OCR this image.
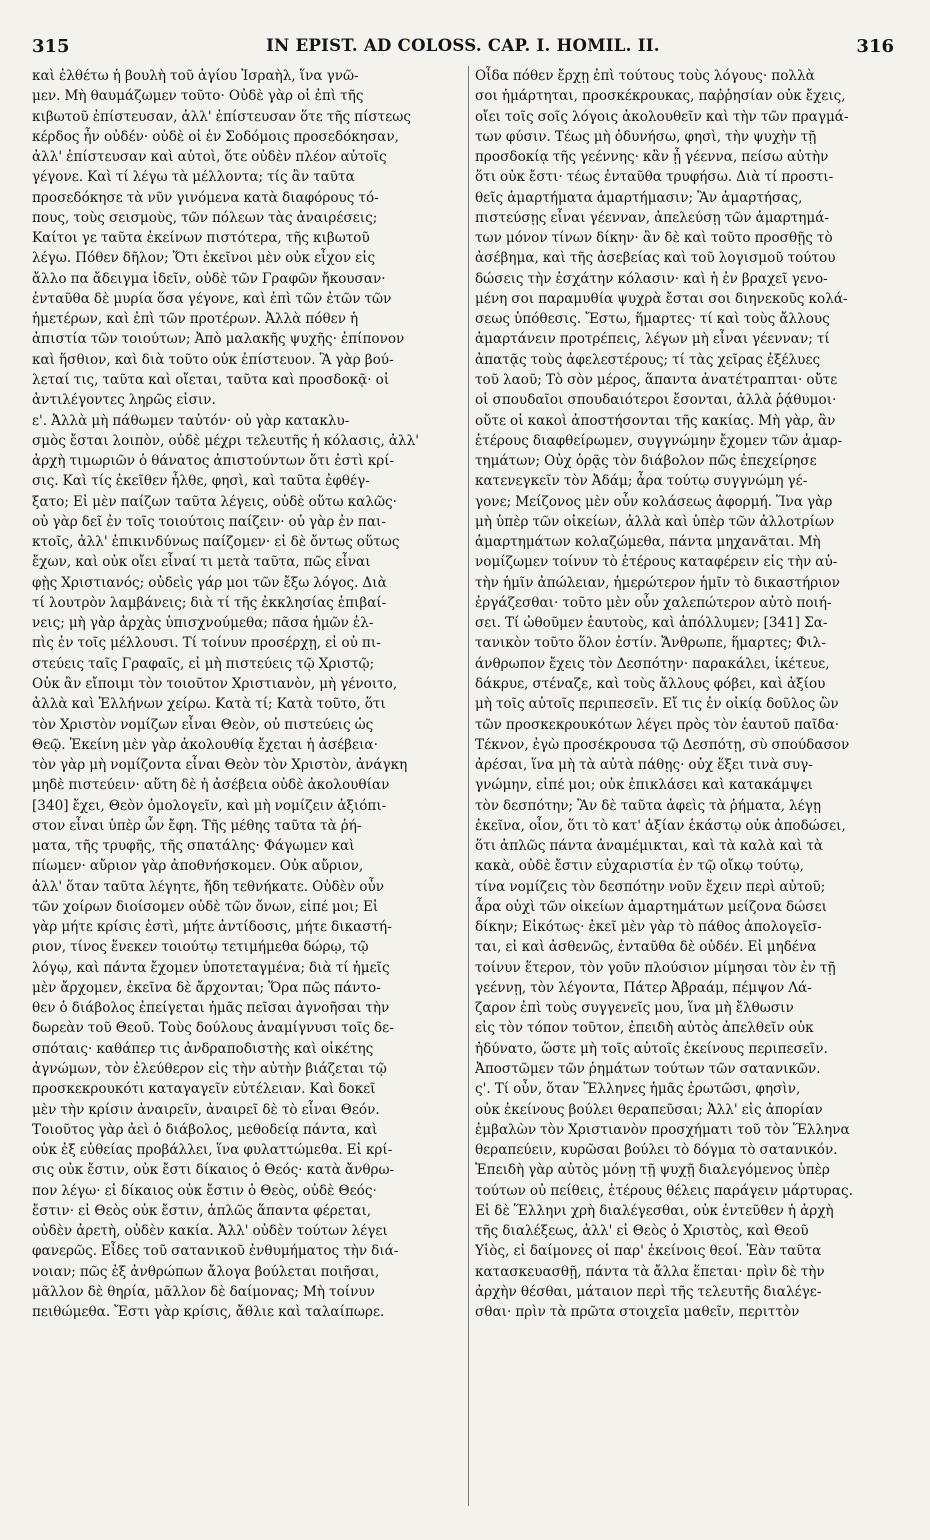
315	IN EPIST. AD COLOSS. CAP. I. HOMIL. II.	316
καὶ ἐλθέτω ἡ βουλὴ τοῦ ἁγίου Ἰσραὴλ, ἵνα γνῶ-
μεν. Μὴ θαυμάζωμεν τοῦτο· Οὐδὲ γὰρ οἱ ἐπὶ τῆς
κιβωτοῦ ἐπίστευσαν, ἀλλ' ἐπίστευσαν ὅτε τῆς πίστεως
κέρδος ἦν οὐδέν· οὐδὲ οἱ ἐν Σοδόμοις προσεδόκησαν,
ἀλλ' ἐπίστευσαν καὶ αὐτοὶ, ὅτε οὐδὲν πλέον αὐτοῖς
γέγονε. Καὶ τί λέγω τὰ μέλλοντα; τίς ἂν ταῦτα
προσεδόκησε τὰ νῦν γινόμενα κατὰ διαφόρους τό-
πους, τοὺς σεισμοὺς, τῶν πόλεων τὰς ἀναιρέσεις;
Καίτοι γε ταῦτα ἐκείνων πιστότερα, τῆς κιβωτοῦ
λέγω. Πόθεν δῆλον; Ὅτι ἐκεῖνοι μὲν οὐκ εἶχον εἰς
ἄλλο πα ἄδειγμα ἰδεῖν, οὐδὲ τῶν Γραφῶν ἤκουσαν·
ἐνταῦθα δὲ μυρία ὅσα γέγονε, καὶ ἐπὶ τῶν ἐτῶν τῶν
ἡμετέρων, καὶ ἐπὶ τῶν προτέρων. Ἀλλὰ πόθεν ἡ
ἀπιστία τῶν τοιούτων; Ἀπὸ μαλακῆς ψυχῆς· ἐπίπονον
καὶ ἥσθιον, καὶ διὰ τοῦτο οὐκ ἐπίστευον. Ἃ γὰρ βού-
λεταί τις, ταῦτα καὶ οἴεται, ταῦτα καὶ προσδοκᾷ· οἱ
ἀντιλέγοντες ληρῶς εἰσιν.
ε'. Ἀλλὰ μὴ πάθωμεν ταὐτόν· οὐ γὰρ κατακλυ-
σμὸς ἔσται λοιπὸν, οὐδὲ μέχρι τελευτῆς ἡ κόλασις, ἀλλ'
ἀρχὴ τιμωριῶν ὁ θάνατος ἀπιστούντων ὅτι ἐστὶ κρί-
σις. Καὶ τίς ἐκεῖθεν ἦλθε, φησὶ, καὶ ταῦτα ἐφθέγ-
ξατο; Εἰ μὲν παίζων ταῦτα λέγεις, οὐδὲ οὕτω καλῶς·
οὐ γὰρ δεῖ ἐν τοῖς τοιούτοις παίζειν· οὐ γὰρ ἐν παι-
κτοῖς, ἀλλ' ἐπικινδύνως παίζομεν· εἰ δὲ ὄντως οὕτως
ἔχων, καὶ οὐκ οἴει εἶναί τι μετὰ ταῦτα, πῶς εἶναι
φῂς Χριστιανός; οὐδεὶς γάρ μοι τῶν ἔξω λόγος. Διὰ
τί λουτρὸν λαμβάνεις; διὰ τί τῆς ἐκκλησίας ἐπιβαί-
νεις; μὴ γὰρ ἀρχὰς ὑπισχνούμεθα; πᾶσα ἡμῶν ἐλ-
πὶς ἐν τοῖς μέλλουσι. Τί τοίνυν προσέρχῃ, εἰ οὐ πι-
στεύεις ταῖς Γραφαῖς, εἰ μὴ πιστεύεις τῷ Χριστῷ;
Οὐκ ἂν εἴποιμι τὸν τοιοῦτον Χριστιανὸν, μὴ γένοιτο,
ἀλλὰ καὶ Ἑλλήνων χείρω. Κατὰ τί; Κατὰ τοῦτο, ὅτι
τὸν Χριστὸν νομίζων εἶναι Θεὸν, οὐ πιστεύεις ὡς
Θεῷ. Ἐκείνη μὲν γὰρ ἀκολουθίᾳ ἔχεται ἡ ἀσέβεια·
τὸν γὰρ μὴ νομίζοντα εἶναι Θεὸν τὸν Χριστὸν, ἀνάγκη
μηδὲ πιστεύειν· αὕτη δὲ ἡ ἀσέβεια οὐδὲ ἀκολουθίαν
[340] ἔχει, Θεὸν ὁμολογεῖν, καὶ μὴ νομίζειν ἀξιόπι-
στον εἶναι ὑπὲρ ὧν ἔφη. Τῆς μέθης ταῦτα τὰ ῥή-
ματα, τῆς τρυφῆς, τῆς σπατάλης· Φάγωμεν καὶ
πίωμεν· αὔριον γὰρ ἀποθνήσκομεν. Οὐκ αὔριον,
ἀλλ' ὅταν ταῦτα λέγητε, ἤδη τεθνήκατε. Οὐδὲν οὖν
τῶν χοίρων διοίσομεν οὐδὲ τῶν ὄνων, εἰπέ μοι; Εἰ
γὰρ μήτε κρίσις ἐστὶ, μήτε ἀντίδοσις, μήτε δικαστή-
ριον, τίνος ἕνεκεν τοιούτῳ τετιμήμεθα δώρῳ, τῷ
λόγῳ, καὶ πάντα ἔχομεν ὑποτεταγμένα; διὰ τί ἡμεῖς
μὲν ἄρχομεν, ἐκεῖνα δὲ ἄρχονται; Ὅρα πῶς πάντο-
θεν ὁ διάβολος ἐπείγεται ἡμᾶς πεῖσαι ἀγνοῆσαι τὴν
δωρεὰν τοῦ Θεοῦ. Τοὺς δούλους ἀναμίγνυσι τοῖς δε-
σπόταις· καθάπερ τις ἀνδραποδιστὴς καὶ οἰκέτης
ἀγνώμων, τὸν ἐλεύθερον εἰς τὴν αὐτὴν βιάζεται τῷ
προσκεκρουκότι καταγαγεῖν εὐτέλειαν. Καὶ δοκεῖ
μὲν τὴν κρίσιν ἀναιρεῖν, ἀναιρεῖ δὲ τὸ εἶναι Θεόν.
Τοιοῦτος γὰρ ἀεὶ ὁ διάβολος, μεθοδείᾳ πάντα, καὶ
οὐκ ἐξ εὐθείας προβάλλει, ἵνα φυλαττώμεθα. Εἰ κρί-
σις οὐκ ἔστιν, οὐκ ἔστι δίκαιος ὁ Θεός· κατὰ ἄνθρω-
πον λέγω· εἰ δίκαιος οὐκ ἔστιν ὁ Θεὸς, οὐδὲ Θεός·
ἔστιν· εἰ Θεὸς οὐκ ἔστιν, ἁπλῶς ἅπαντα φέρεται,
οὐδὲν ἀρετὴ, οὐδὲν κακία. Ἀλλ' οὐδὲν τούτων λέγει
φανερῶς. Εἶδες τοῦ σατανικοῦ ἐνθυμήματος τὴν διά-
νοιαν; πῶς ἐξ ἀνθρώπων ἄλογα βούλεται ποιῆσαι,
μᾶλλον δὲ θηρία, μᾶλλον δὲ δαίμονας; Μὴ τοίνυν
πειθώμεθα. Ἔστι γὰρ κρίσις, ἄθλιε καὶ ταλαίπωρε.
Οἶδα πόθεν ἔρχῃ ἐπὶ τούτους τοὺς λόγους· πολλὰ
σοι ἡμάρτηται, προσκέκρουκας, παῤῥησίαν οὐκ ἔχεις,
οἴει τοῖς σοῖς λόγοις ἀκολουθεῖν καὶ τὴν τῶν πραγμά-
των φύσιν. Τέως μὴ ὀδυνήσω, φησὶ, τὴν ψυχὴν τῇ
προσδοκίᾳ τῆς γεέννης· κἂν ᾖ γέεννα, πείσω αὐτὴν
ὅτι οὐκ ἔστι· τέως ἐνταῦθα τρυφήσω. Διὰ τί προστι-
θεῖς ἁμαρτήματα ἁμαρτήμασιν; Ἂν ἁμαρτήσας,
πιστεύσῃς εἶναι γέενναν, ἀπελεύσῃ τῶν ἁμαρτημά-
των μόνον τίνων δίκην· ἂν δὲ καὶ τοῦτο προσθῇς τὸ
ἀσέβημα, καὶ τῆς ἀσεβείας καὶ τοῦ λογισμοῦ τούτου
δώσεις τὴν ἐσχάτην κόλασιν· καὶ ἡ ἐν βραχεῖ γενο-
μένη σοι παραμυθία ψυχρὰ ἔσται σοι διηνεκοῦς κολά-
σεως ὑπόθεσις. Ἔστω, ἥμαρτες· τί καὶ τοὺς ἄλλους
ἁμαρτάνειν προτρέπεις, λέγων μὴ εἶναι γέενναν; τί
ἀπατᾷς τοὺς ἀφελεστέρους; τί τὰς χεῖρας ἐξέλυες
τοῦ λαοῦ; Τὸ σὸν μέρος, ἅπαντα ἀνατέτραπται· οὔτε
οἱ σπουδαῖοι σπουδαιότεροι ἔσονται, ἀλλὰ ῥᾴθυμοι·
οὔτε οἱ κακοὶ ἀποστήσονται τῆς κακίας. Μὴ γὰρ, ἂν
ἑτέρους διαφθείρωμεν, συγγνώμην ἔχομεν τῶν ἁμαρ-
τημάτων; Οὐχ ὁρᾷς τὸν διάβολον πῶς ἐπεχείρησε
κατενεγκεῖν τὸν Ἀδάμ; ἆρα τούτῳ συγγνώμη γέ-
γονε; Μείζονος μὲν οὖν κολάσεως ἀφορμή. Ἵνα γὰρ
μὴ ὑπὲρ τῶν οἰκείων, ἀλλὰ καὶ ὑπὲρ τῶν ἀλλοτρίων
ἁμαρτημάτων κολαζώμεθα, πάντα μηχανᾶται. Μὴ
νομίζωμεν τοίνυν τὸ ἑτέρους καταφέρειν εἰς τὴν αὐ-
τὴν ἡμῖν ἀπώλειαν, ἡμερώτερον ἡμῖν τὸ δικαστήριον
ἐργάζεσθαι· τοῦτο μὲν οὖν χαλεπώτερον αὐτὸ ποιή-
σει. Τί ὠθοῦμεν ἑαυτοὺς, καὶ ἀπόλλυμεν; [341] Σα-
τανικὸν τοῦτο ὅλον ἐστίν. Ἄνθρωπε, ἥμαρτες; Φιλ-
άνθρωπον ἔχεις τὸν Δεσπότην· παρακάλει, ἱκέτευε,
δάκρυε, στέναζε, καὶ τοὺς ἄλλους φόβει, καὶ ἀξίου
μὴ τοῖς αὐτοῖς περιπεσεῖν. Εἴ τις ἐν οἰκίᾳ δοῦλος ὢν
τῶν προσκεκρουκότων λέγει πρὸς τὸν ἑαυτοῦ παῖδα·
Τέκνον, ἐγὼ προσέκρουσα τῷ Δεσπότῃ, σὺ σπούδασον
ἀρέσαι, ἵνα μὴ τὰ αὐτὰ πάθῃς· οὐχ ἕξει τινὰ συγ-
γνώμην, εἰπέ μοι; οὐκ ἐπικλάσει καὶ κατακάμψει
τὸν δεσπότην; Ἂν δὲ ταῦτα ἀφεὶς τὰ ῥήματα, λέγῃ
ἐκεῖνα, οἷον, ὅτι τὸ κατ' ἀξίαν ἑκάστῳ οὐκ ἀποδώσει,
ὅτι ἁπλῶς πάντα ἀναμέμικται, καὶ τὰ καλὰ καὶ τὰ
κακὰ, οὐδὲ ἔστιν εὐχαριστία ἐν τῷ οἴκῳ τούτῳ,
τίνα νομίζεις τὸν δεσπότην νοῦν ἔχειν περὶ αὐτοῦ;
ἆρα οὐχὶ τῶν οἰκείων ἁμαρτημάτων μείζονα δώσει
δίκην; Εἰκότως· ἐκεῖ μὲν γὰρ τὸ πάθος ἀπολογεῖσ-
ται, εἰ καὶ ἀσθενῶς, ἐνταῦθα δὲ οὐδέν. Εἰ μηδένα
τοίνυν ἕτερον, τὸν γοῦν πλούσιον μίμησαι τὸν ἐν τῇ
γεέννῃ, τὸν λέγοντα, Πάτερ Ἀβραάμ, πέμψον Λά-
ζαρον ἐπὶ τοὺς συγγενεῖς μου, ἵνα μὴ ἔλθωσιν
εἰς τὸν τόπον τοῦτον, ἐπειδὴ αὐτὸς ἀπελθεῖν οὐκ
ἠδύνατο, ὥστε μὴ τοῖς αὐτοῖς ἐκείνους περιπεσεῖν.
Ἀποστῶμεν τῶν ῥημάτων τούτων τῶν σατανικῶν.
ς'. Τί οὖν, ὅταν Ἕλληνες ἡμᾶς ἐρωτῶσι, φησὶν,
οὐκ ἐκείνους βούλει θεραπεῦσαι; Ἀλλ' εἰς ἀπορίαν
ἐμβαλὼν τὸν Χριστιανὸν προσχήματι τοῦ τὸν Ἕλληνα
θεραπεύειν, κυρῶσαι βούλει τὸ δόγμα τὸ σατανικόν.
Ἐπειδὴ γὰρ αὐτὸς μόνῃ τῇ ψυχῇ διαλεγόμενος ὑπὲρ
τούτων οὐ πείθεις, ἑτέρους θέλεις παράγειν μάρτυρας.
Εἰ δὲ Ἕλληνι χρὴ διαλέγεσθαι, οὐκ ἐντεῦθεν ἡ ἀρχὴ
τῆς διαλέξεως, ἀλλ' εἰ Θεὸς ὁ Χριστὸς, καὶ Θεοῦ
Υἱὸς, εἰ δαίμονες οἱ παρ' ἐκείνοις θεοί. Ἐὰν ταῦτα
κατασκευασθῇ, πάντα τὰ ἄλλα ἕπεται· πρὶν δὲ τὴν
ἀρχὴν θέσθαι, μάταιον περὶ τῆς τελευτῆς διαλέγε-
σθαι· πρὶν τὰ πρῶτα στοιχεῖα μαθεῖν, περιττὸν
